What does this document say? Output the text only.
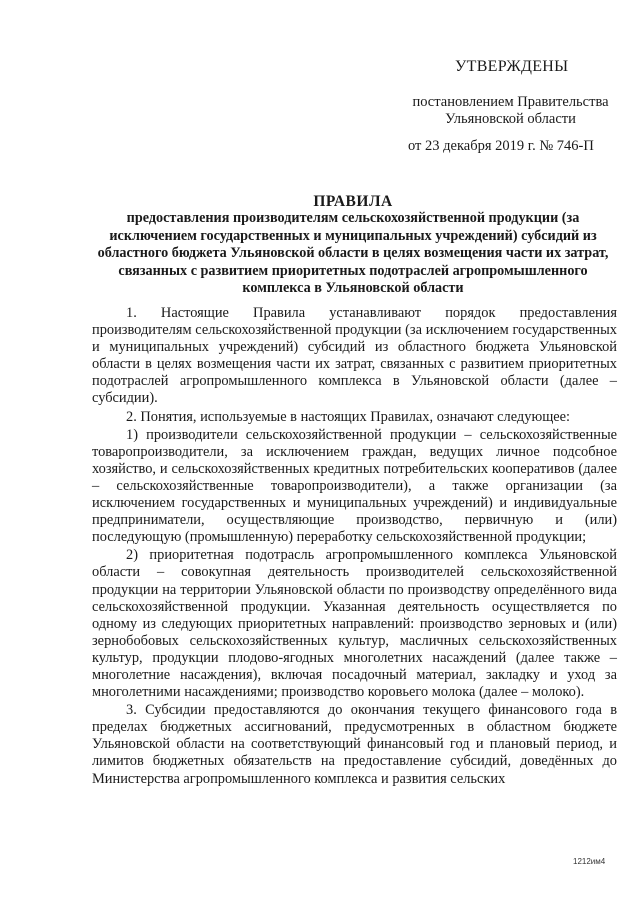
УТВЕРЖДЕНЫ
постановлением Правительства
Ульяновской области
от 23 декабря 2019 г. № 746-П
ПРАВИЛА
предоставления производителям сельскохозяйственной продукции (за исключением государственных и муниципальных учреждений) субсидий из областного бюджета Ульяновской области в целях возмещения части их затрат, связанных с развитием приоритетных подотраслей агропромышленного комплекса в Ульяновской области

1. Настоящие Правила устанавливают порядок предоставления производителям сельскохозяйственной продукции (за исключением государственных и муниципальных учреждений) субсидий из областного бюджета Ульяновской области в целях возмещения части их затрат, связанных с развитием приоритетных подотраслей агропромышленного комплекса в Ульяновской области (далее – субсидии).

2. Понятия, используемые в настоящих Правилах, означают следующее:

1) производители сельскохозяйственной продукции – сельскохозяйственные товаропроизводители, за исключением граждан, ведущих личное подсобное хозяйство, и сельскохозяйственных кредитных потребительских кооперативов (далее – сельскохозяйственные товаропроизводители), а также организации (за исключением государственных и муниципальных учреждений) и индивидуальные предприниматели, осуществляющие производство, первичную и (или) последующую (промышленную) переработку сельскохозяйственной продукции;

2) приоритетная подотрасль агропромышленного комплекса Ульяновской области – совокупная деятельность производителей сельскохозяйственной продукции на территории Ульяновской области по производству определённого вида сельскохозяйственной продукции. Указанная деятельность осуществляется по одному из следующих приоритетных направлений: производство зерновых и (или) зернобобовых сельскохозяйственных культур, масличных сельскохозяйственных культур, продукции плодово-ягодных многолетних насаждений (далее также – многолетние насаждения), включая посадочный материал, закладку и уход за многолетними насаждениями; производство коровьего молока (далее – молоко).

3. Субсидии предоставляются до окончания текущего финансового года в пределах бюджетных ассигнований, предусмотренных в областном бюджете Ульяновской области на соответствующий финансовый год и плановый период, и лимитов бюджетных обязательств на предоставление субсидий, доведённых до Министерства агропромышленного комплекса и развития сельских

1212им4
